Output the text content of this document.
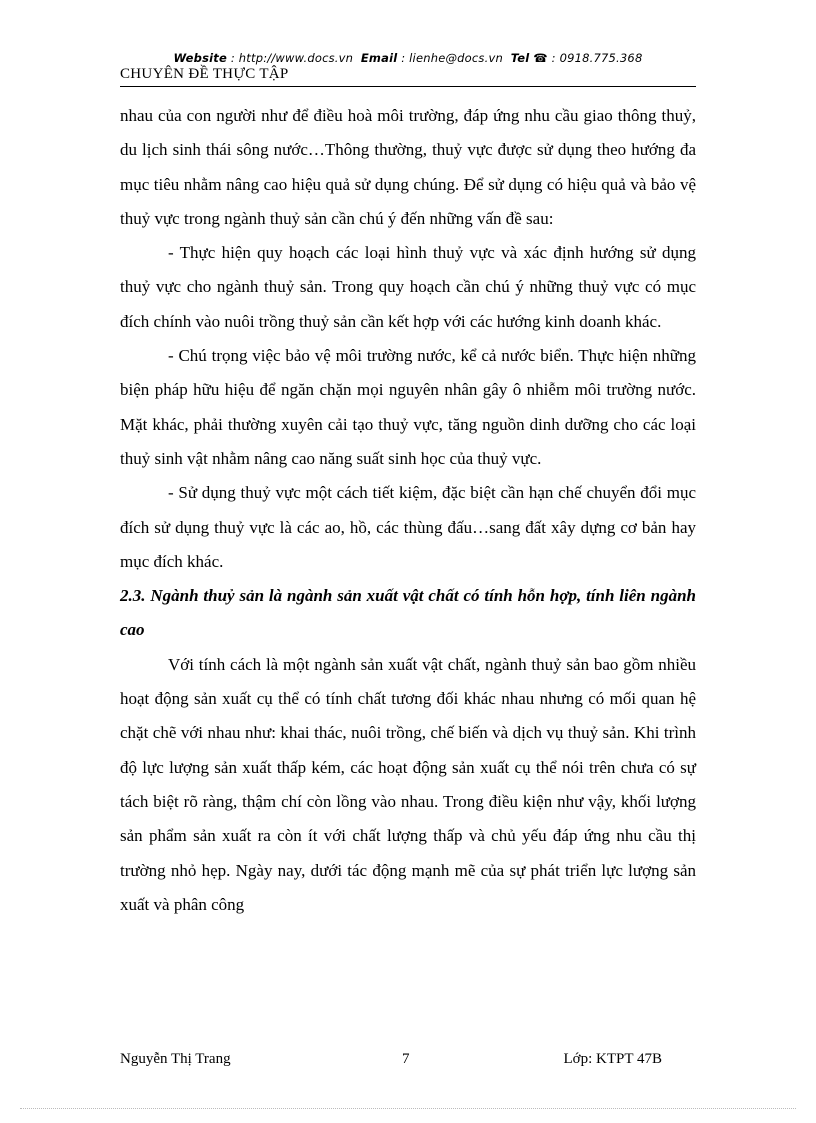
Website : http://www.docs.vn Email : lienhe@docs.vn Tel ☎ : 0918.775.368
CHUYÊN ĐỀ THỰC TẬP

nhau của con người như để điều hoà môi trường, đáp ứng nhu cầu giao thông thuỷ, du lịch sinh thái sông nước…Thông thường, thuỷ vực được sử dụng theo hướng đa mục tiêu nhằm nâng cao hiệu quả sử dụng chúng. Để sử dụng có hiệu quả và bảo vệ thuỷ vực trong ngành thuỷ sản cần chú ý đến những vấn đề sau:

- Thực hiện quy hoạch các loại hình thuỷ vực và xác định hướng sử dụng thuỷ vực cho ngành thuỷ sản. Trong quy hoạch cần chú ý những thuỷ vực có mục đích chính vào nuôi trồng thuỷ sản cần kết hợp với các hướng kinh doanh khác.

- Chú trọng việc bảo vệ môi trường nước, kể cả nước biển. Thực hiện những biện pháp hữu hiệu để ngăn chặn mọi nguyên nhân gây ô nhiễm môi trường nước. Mặt khác, phải thường xuyên cải tạo thuỷ vực, tăng nguồn dinh dưỡng cho các loại thuỷ sinh vật nhằm nâng cao năng suất sinh học của thuỷ vực.

- Sử dụng thuỷ vực một cách tiết kiệm, đặc biệt cần hạn chế chuyển đổi mục đích sử dụng thuỷ vực là các ao, hồ, các thùng đấu…sang đất xây dựng cơ bản hay mục đích khác.

2.3. Ngành thuỷ sản là ngành sản xuất vật chất có tính hỗn hợp, tính liên ngành cao

Với tính cách là một ngành sản xuất vật chất, ngành thuỷ sản bao gồm nhiều hoạt động sản xuất cụ thể có tính chất tương đối khác nhau nhưng có mối quan hệ chặt chẽ với nhau như: khai thác, nuôi trồng, chế biến và dịch vụ thuỷ sản. Khi trình độ lực lượng sản xuất thấp kém, các hoạt động sản xuất cụ thể nói trên chưa có sự tách biệt rõ ràng, thậm chí còn lồng vào nhau. Trong điều kiện như vậy, khối lượng sản phẩm sản xuất ra còn ít với chất lượng thấp và chủ yếu đáp ứng nhu cầu thị trường nhỏ hẹp. Ngày nay, dưới tác động mạnh mẽ của sự phát triển lực lượng sản xuất và phân công

Nguyễn Thị Trang	7	Lớp: KTPT 47B
